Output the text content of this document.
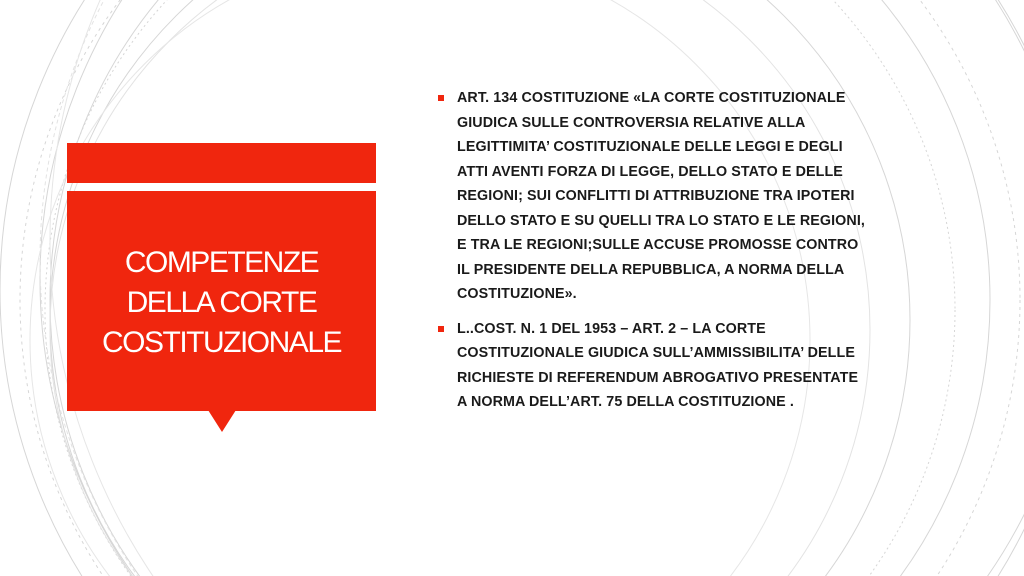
COMPETENZE
DELLA CORTE
COSTITUZIONALE
ART. 134 COSTITUZIONE «LA CORTE COSTITUZIONALE
GIUDICA SULLE CONTROVERSIA RELATIVE ALLA
LEGITTIMITA’ COSTITUZIONALE DELLE LEGGI E DEGLI
ATTI AVENTI FORZA DI LEGGE, DELLO STATO E DELLE
REGIONI; SUI CONFLITTI DI ATTRIBUZIONE TRA IPOTERI
DELLO STATO E SU QUELLI TRA LO STATO E LE REGIONI,
E TRA LE REGIONI;SULLE ACCUSE PROMOSSE CONTRO
IL PRESIDENTE DELLA REPUBBLICA, A NORMA DELLA
COSTITUZIONE».
L..COST. N. 1 DEL 1953 – ART. 2 – LA CORTE
COSTITUZIONALE GIUDICA SULL’AMMISSIBILITA’ DELLE
RICHIESTE DI REFERENDUM ABROGATIVO PRESENTATE
A NORMA DELL’ART. 75 DELLA COSTITUZIONE .
